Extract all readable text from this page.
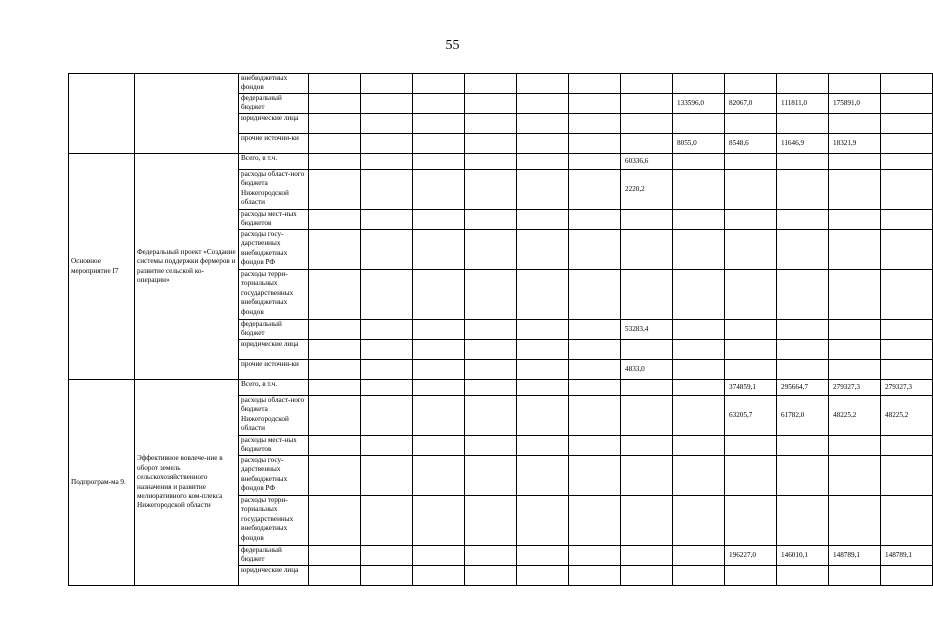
55
		внебюджетных фондов												
		федеральный бюджет								133596,0	82067,0	111811,0	175891,0	
		юридические лица												
		прочие источни-ки								8055,0	8548,6	11646,9	18321,9	
Основное мероприятие I7	Федеральный проект «Создание системы поддержки фермеров и развитие сельской ко-операции»	Всего, в т.ч.							60336,6					
		расходы област-ного бюджета Нижегородской области							2220,2					
		расходы мест-ных бюджетов												
		расходы госу-дарственных внебюджетных фондов РФ												
		расходы терри-ториальных государственных внебюджетных фондов												
		федеральный бюджет							53283,4					
		юридические лица												
		прочие источни-ки							4833,0					
Подпрограм-ма 9.	Эффективное вовлече-ние в оборот земель сельскохозяйственного назначения и развитие мелиоративного ком-плекса Нижегородской области	Всего, в т.ч.									374859,1	295664,7	279327,3	279327,3
		расходы област-ного бюджета Нижегородской области									63205,7	61782,0	48225,2	48225,2
		расходы мест-ных бюджетов												
		расходы госу-дарственных внебюджетных фондов РФ												
		расходы терри-ториальных государственных внебюджетных фондов												
		федеральный бюджет									196227,0	146010,1	148789,1	148789,1
		юридические лица												
